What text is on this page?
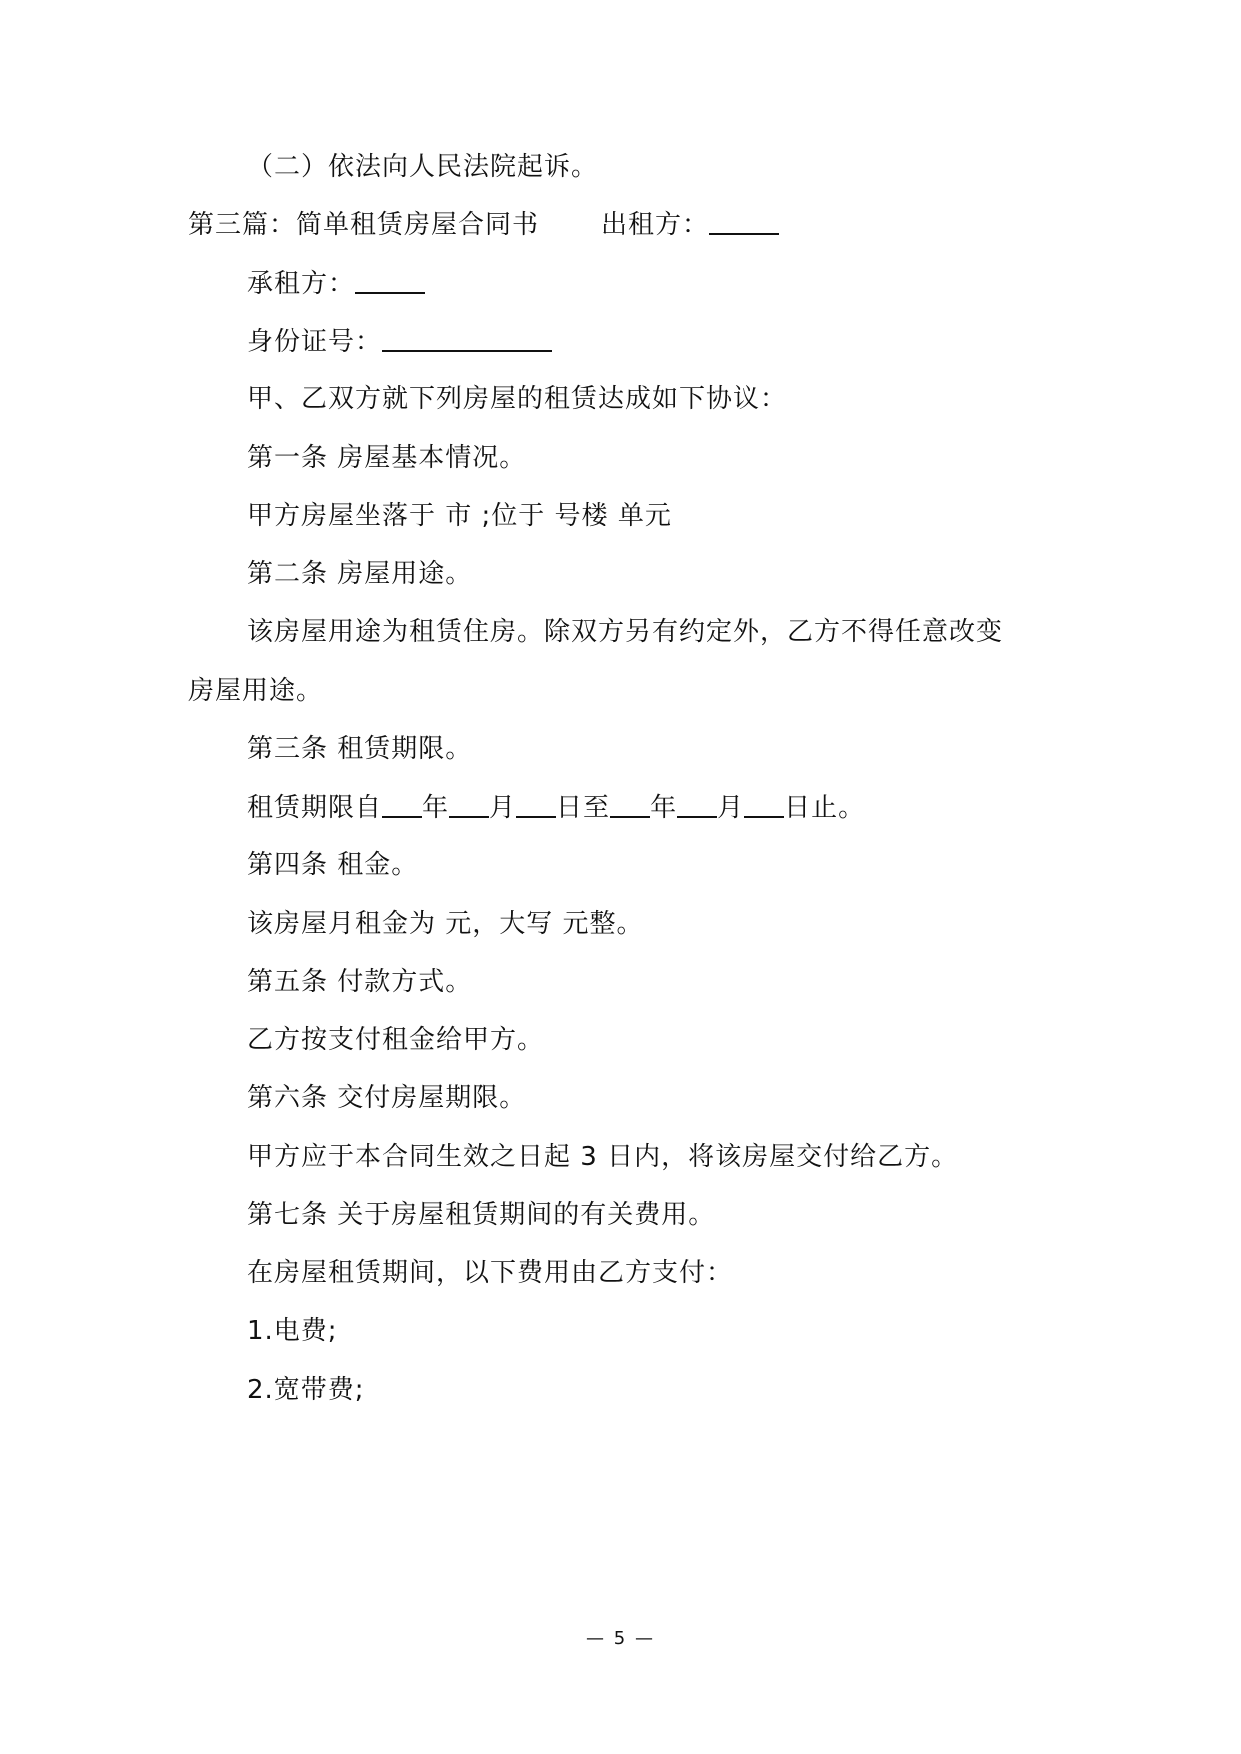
（二）依法向人民法院起诉。
第三篇：简单租赁房屋合同书 出租方：
承租方：
身份证号：
甲、乙双方就下列房屋的租赁达成如下协议：
第一条 房屋基本情况。
甲方房屋坐落于 市 ;位于 号楼 单元
第二条 房屋用途。
该房屋用途为租赁住房。除双方另有约定外，乙方不得任意改变
房屋用途。
第三条 租赁期限。
租赁期限自 年 月 日至 年 月 日止。
第四条 租金。
该房屋月租金为 元，大写 元整。
第五条 付款方式。
乙方按支付租金给甲方。
第六条 交付房屋期限。
甲方应于本合同生效之日起 3 日内，将该房屋交付给乙方。
第七条 关于房屋租赁期间的有关费用。
在房屋租赁期间，以下费用由乙方支付：
1.电费;
2.宽带费;
— 5 —
